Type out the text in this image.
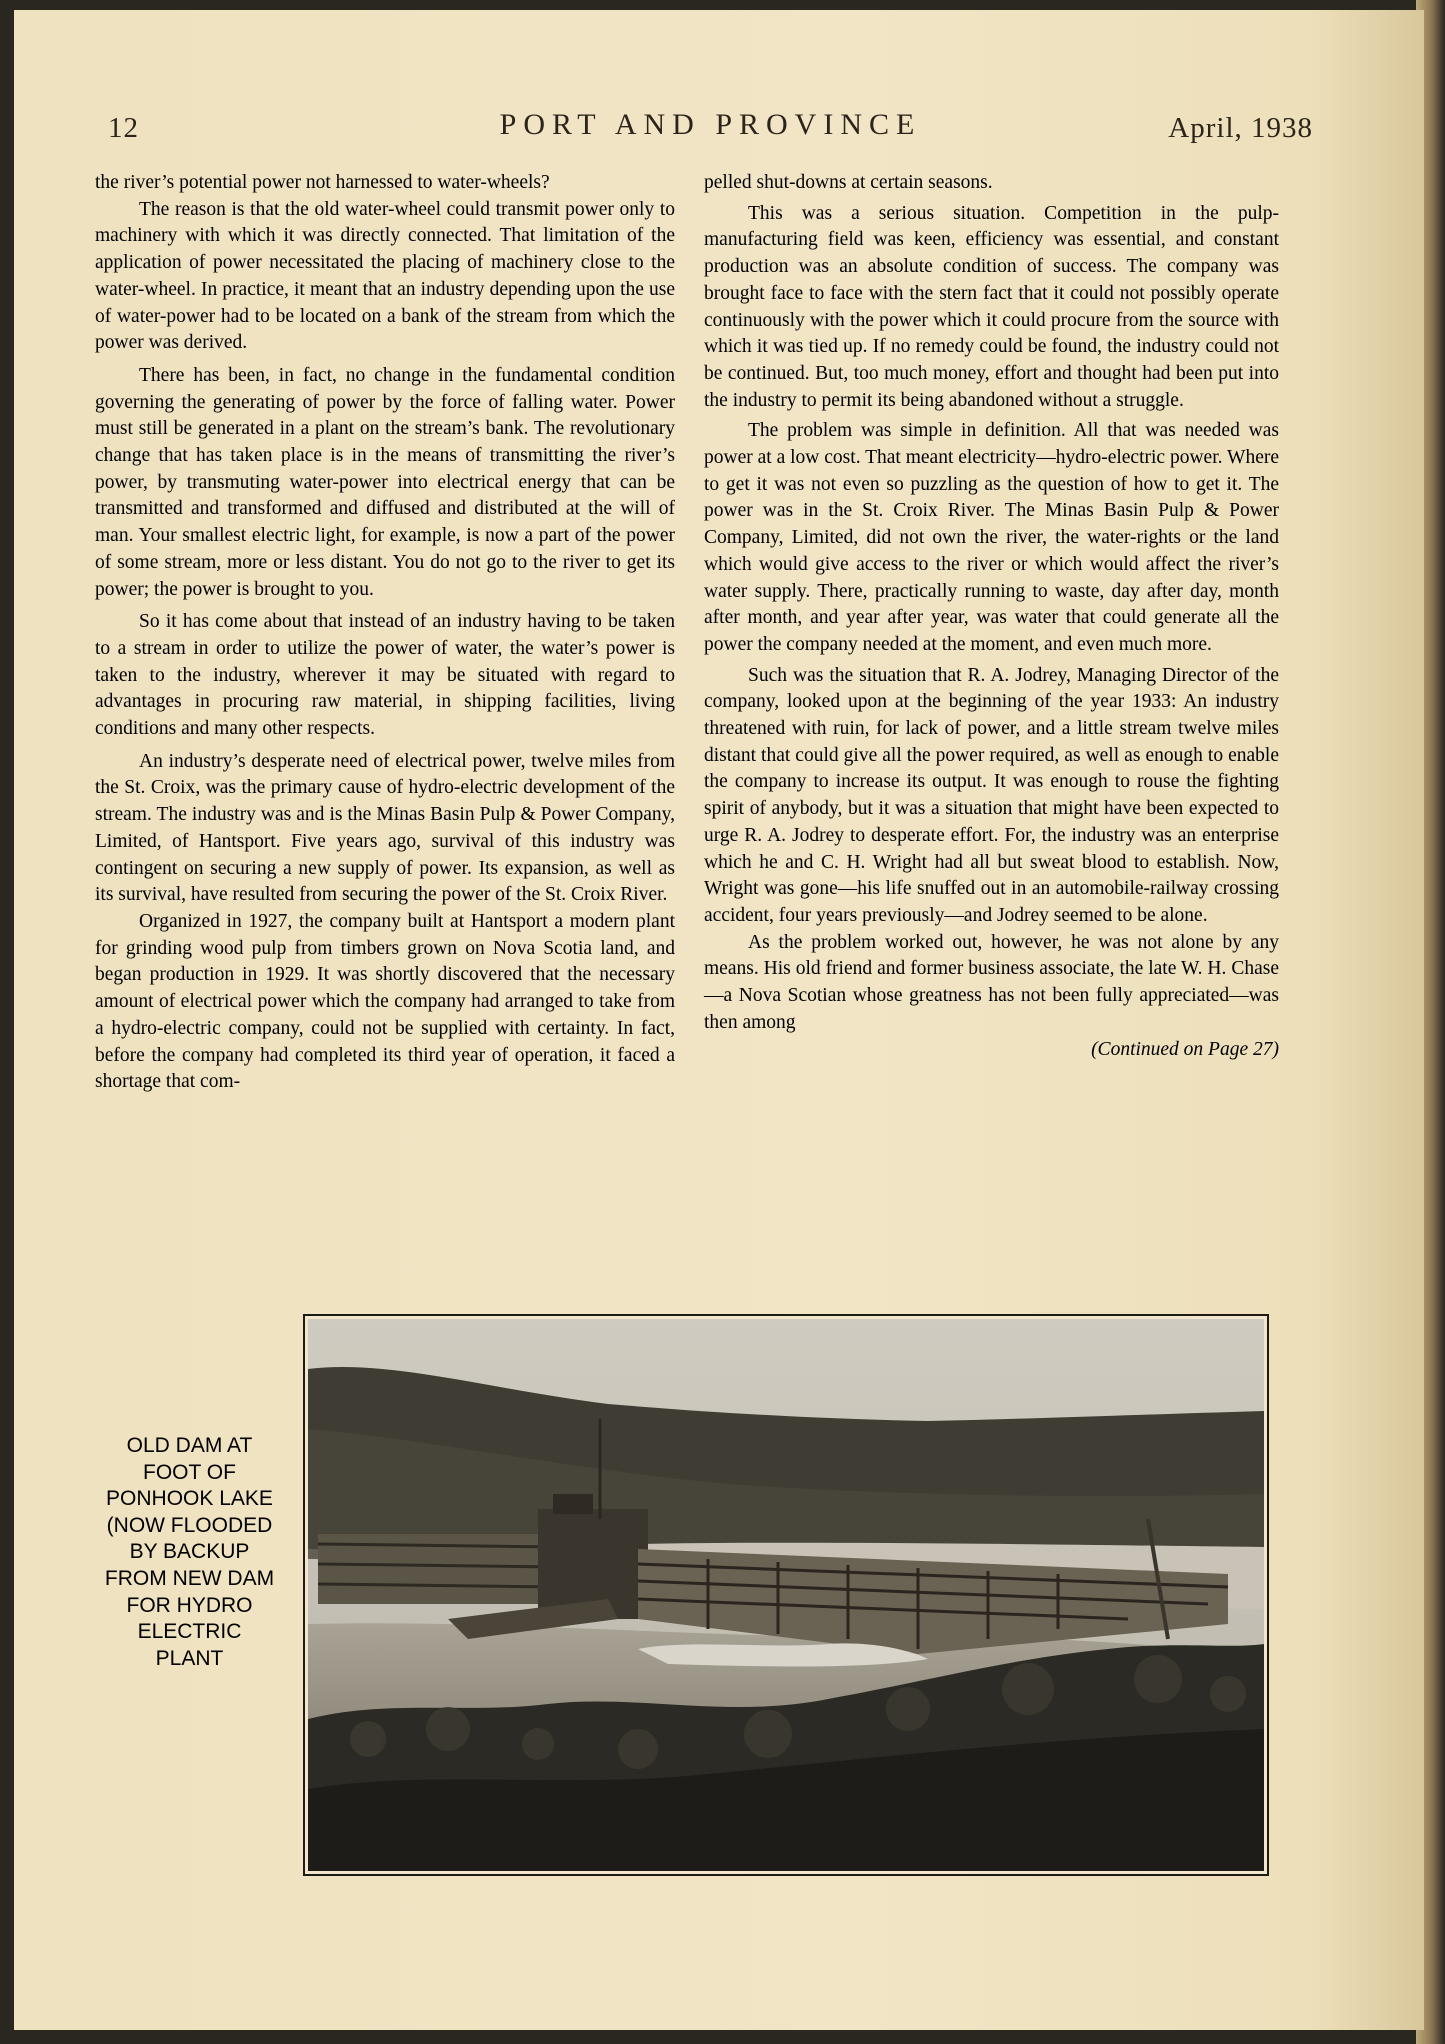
12	PORT AND PROVINCE	April, 1938

the river’s potential power not harnessed to water-wheels?

The reason is that the old water-wheel could transmit power only to machinery with which it was directly connected. That limitation of the application of power necessitated the placing of machinery close to the water-wheel. In practice, it meant that an industry depending upon the use of water-power had to be located on a bank of the stream from which the power was derived.

There has been, in fact, no change in the fundamental condition governing the generating of power by the force of falling water. Power must still be generated in a plant on the stream’s bank. The revolutionary change that has taken place is in the means of transmitting the river’s power, by transmuting water-power into electrical energy that can be transmitted and transformed and diffused and distributed at the will of man. Your smallest electric light, for example, is now a part of the power of some stream, more or less distant. You do not go to the river to get its power; the power is brought to you.

So it has come about that instead of an industry having to be taken to a stream in order to utilize the power of water, the water’s power is taken to the industry, wherever it may be situated with regard to advantages in procuring raw material, in shipping facilities, living conditions and many other respects.

An industry’s desperate need of electrical power, twelve miles from the St. Croix, was the primary cause of hydro-electric development of the stream. The industry was and is the Minas Basin Pulp & Power Company, Limited, of Hantsport. Five years ago, survival of this industry was contingent on securing a new supply of power. Its expansion, as well as its survival, have resulted from securing the power of the St. Croix River.

Organized in 1927, the company built at Hantsport a modern plant for grinding wood pulp from timbers grown on Nova Scotia land, and began production in 1929. It was shortly discovered that the necessary amount of electrical power which the company had arranged to take from a hydro-electric company, could not be supplied with certainty. In fact, before the company had completed its third year of operation, it faced a shortage that com-

pelled shut-downs at certain seasons.

This was a serious situation. Competition in the pulp-manufacturing field was keen, efficiency was essential, and constant production was an absolute condition of success. The company was brought face to face with the stern fact that it could not possibly operate continuously with the power which it could procure from the source with which it was tied up. If no remedy could be found, the industry could not be continued. But, too much money, effort and thought had been put into the industry to permit its being abandoned without a struggle.

The problem was simple in definition. All that was needed was power at a low cost. That meant electricity—hydro-electric power. Where to get it was not even so puzzling as the question of how to get it. The power was in the St. Croix River. The Minas Basin Pulp & Power Company, Limited, did not own the river, the water-rights or the land which would give access to the river or which would affect the river’s water supply. There, practically running to waste, day after day, month after month, and year after year, was water that could generate all the power the company needed at the moment, and even much more.

Such was the situation that R. A. Jodrey, Managing Director of the company, looked upon at the beginning of the year 1933: An industry threatened with ruin, for lack of power, and a little stream twelve miles distant that could give all the power required, as well as enough to enable the company to increase its output. It was enough to rouse the fighting spirit of anybody, but it was a situation that might have been expected to urge R. A. Jodrey to desperate effort. For, the industry was an enterprise which he and C. H. Wright had all but sweat blood to establish. Now, Wright was gone—his life snuffed out in an automobile-railway crossing accident, four years previously—and Jodrey seemed to be alone.

As the problem worked out, however, he was not alone by any means. His old friend and former business associate, the late W. H. Chase—a Nova Scotian whose greatness has not been fully appreciated—was then among

(Continued on Page 27)
OLD DAM AT FOOT OF PONHOOK LAKE (NOW FLOODED BY BACKUP FROM NEW DAM FOR HYDRO ELECTRIC PLANT
